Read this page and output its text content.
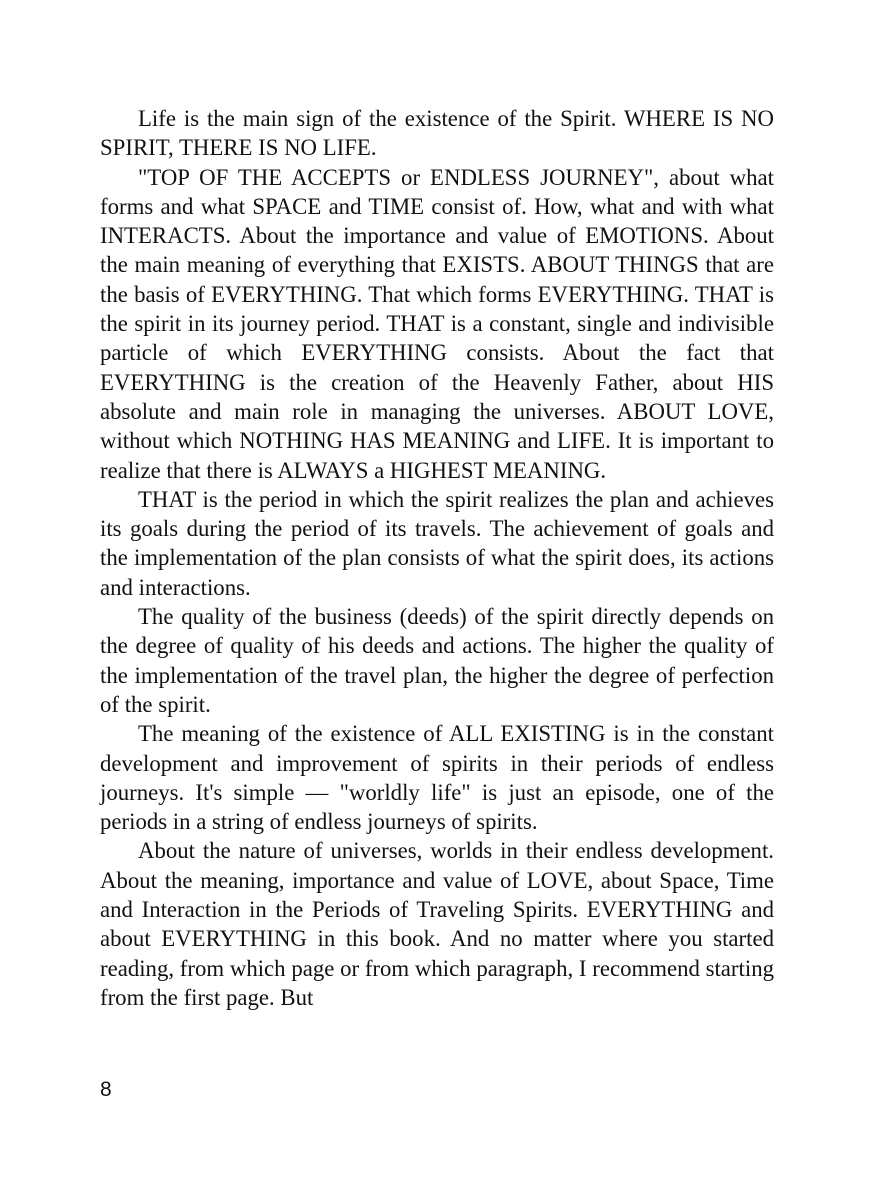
Life is the main sign of the existence of the Spirit. WHERE IS NO SPIRIT, THERE IS NO LIFE.

"TOP OF THE ACCEPTS or ENDLESS JOURNEY", about what forms and what SPACE and TIME consist of. How, what and with what INTERACTS. About the importance and value of EMOTIONS. About the main meaning of everything that EXISTS. ABOUT THINGS that are the basis of EVERYTHING. That which forms EVERYTHING. THAT is the spirit in its journey period. THAT is a constant, single and indivisible particle of which EVERYTHING consists. About the fact that EVERYTHING is the creation of the Heavenly Father, about HIS absolute and main role in managing the universes. ABOUT LOVE, without which NOTHING HAS MEANING and LIFE. It is important to realize that there is ALWAYS a HIGHEST MEANING.

THAT is the period in which the spirit realizes the plan and achieves its goals during the period of its travels. The achievement of goals and the implementation of the plan consists of what the spirit does, its actions and interactions.

The quality of the business (deeds) of the spirit directly depends on the degree of quality of his deeds and actions. The higher the quality of the implementation of the travel plan, the higher the degree of perfection of the spirit.

The meaning of the existence of ALL EXISTING is in the constant development and improvement of spirits in their periods of endless journeys. It's simple — "worldly life" is just an episode, one of the periods in a string of endless journeys of spirits.

About the nature of universes, worlds in their endless development. About the meaning, importance and value of LOVE, about Space, Time and Interaction in the Periods of Traveling Spirits. EVERYTHING and about EVERYTHING in this book. And no matter where you started reading, from which page or from which paragraph, I recommend starting from the first page. But

8
